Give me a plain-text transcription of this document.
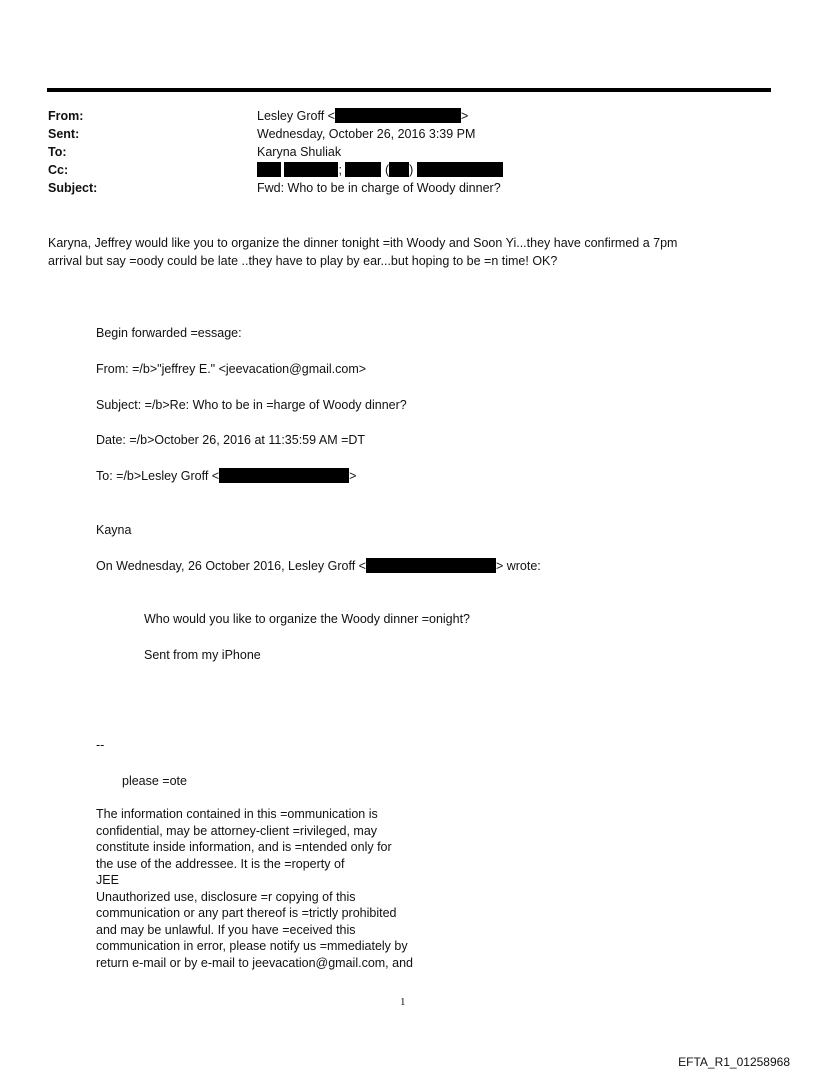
From:	Lesley Groff <	>
Sent:	Wednesday, October 26, 2016 3:39 PM
To:	Karyna Shuliak
Cc:	;	( )
Subject:	Fwd: Who to be in charge of Woody dinner?
Karyna, Jeffrey would like you to organize the dinner tonight =ith Woody and Soon Yi...they have confirmed a 7pm
arrival but say =oody could be late ..they have to play by ear...but hoping to be =n time! OK?
Begin forwarded =essage:
From: =/b>"jeffrey E." <jeevacation@gmail.com>
Subject: =/b>Re: Who to be in =harge of Woody dinner?
Date: =/b>October 26, 2016 at 11:35:59 AM =DT
To: =/b>Lesley Groff <	>
Kayna
On Wednesday, 26 October 2016, Lesley Groff <	> wrote:
Who would you like to organize the Woody dinner =onight?
Sent from my iPhone
--
please =ote
The information contained in this =ommunication is
confidential, may be attorney-client =rivileged, may
constitute inside information, and is =ntended only for
the use of the addressee. It is the =roperty of
JEE
Unauthorized use, disclosure =r copying of this
communication or any part thereof is =trictly prohibited
and may be unlawful. If you have =eceived this
communication in error, please notify us =mmediately by
return e-mail or by e-mail to jeevacation@gmail.com, and
1
EFTA_R1_01258968
